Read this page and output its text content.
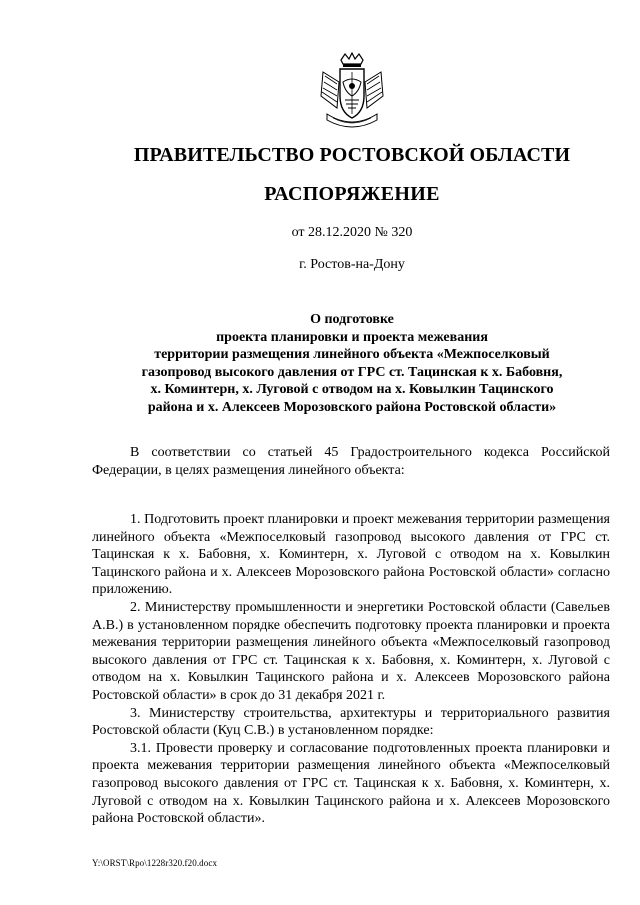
ПРАВИТЕЛЬСТВО РОСТОВСКОЙ ОБЛАСТИ
РАСПОРЯЖЕНИЕ
от 28.12.2020 № 320
г. Ростов-на-Дону
О подготовке
проекта планировки и проекта межевания
территории размещения линейного объекта «Межпоселковый
газопровод высокого давления от ГРС ст. Тацинская к х. Бабовня,
х. Коминтерн, х. Луговой с отводом на х. Ковылкин Тацинского
района и х. Алексеев Морозовского района Ростовской области»

В соответствии со статьей 45 Градостроительного кодекса Российской Федерации, в целях размещения линейного объекта:

1. Подготовить проект планировки и проект межевания территории размещения линейного объекта «Межпоселковый газопровод высокого давления от ГРС ст. Тацинская к х. Бабовня, х. Коминтерн, х. Луговой с отводом на х. Ковылкин Тацинского района и х. Алексеев Морозовского района Ростовской области» согласно приложению.

2. Министерству промышленности и энергетики Ростовской области (Савельев А.В.) в установленном порядке обеспечить подготовку проекта планировки и проекта межевания территории размещения линейного объекта «Межпоселковый газопровод высокого давления от ГРС ст. Тацинская к х. Бабовня, х. Коминтерн, х. Луговой с отводом на х. Ковылкин Тацинского района и х. Алексеев Морозовского района Ростовской области» в срок до 31 декабря 2021 г.

3. Министерству строительства, архитектуры и территориального развития Ростовской области (Куц С.В.) в установленном порядке:

3.1. Провести проверку и согласование подготовленных проекта планировки и проекта межевания территории размещения линейного объекта «Межпоселковый газопровод высокого давления от ГРС ст. Тацинская к х. Бабовня, х. Коминтерн, х. Луговой с отводом на х. Ковылкин Тацинского района и х. Алексеев Морозовского района Ростовской области».

Y:\ORST\Rpo\1228r320.f20.docx
